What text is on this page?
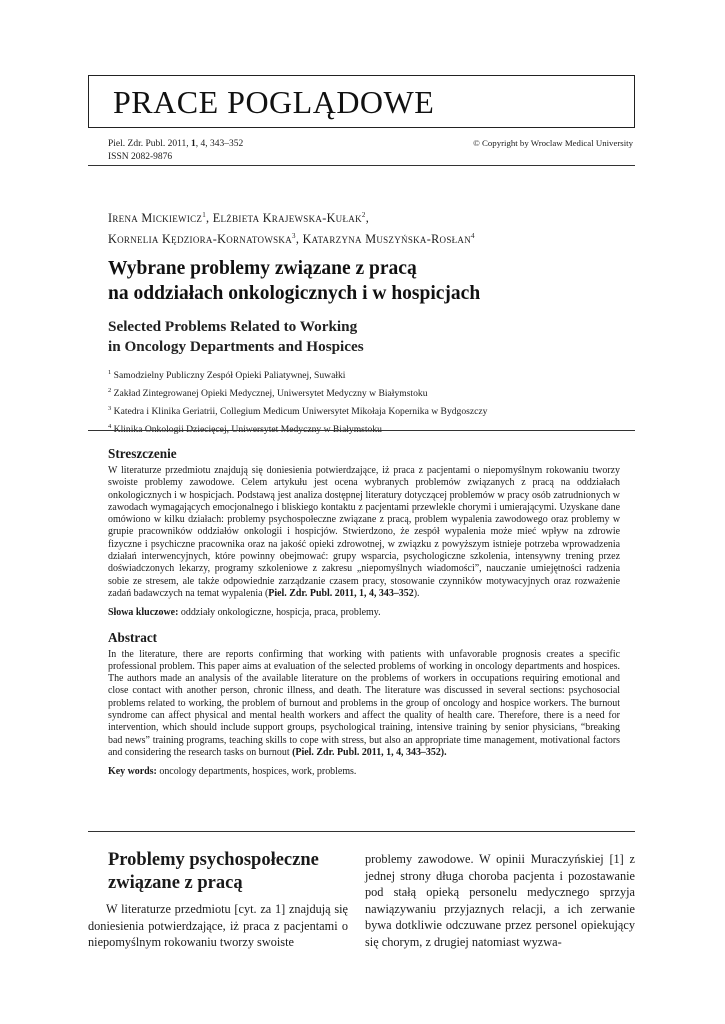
PRACE POGLĄDOWE
Piel. Zdr. Publ. 2011, 1, 4, 343–352
ISSN 2082-9876
© Copyright by Wroclaw Medical University
Irena Mickiewicz$^1$, Elżbieta Krajewska-Kułak$^2$,
Kornelia Kędziora-Kornatowska$^3$, Katarzyna Muszyńska-Rosłan$^4$
Wybrane problemy związane z pracą
na oddziałach onkologicznych i w hospicjach
Selected Problems Related to Working
in Oncology Departments and Hospices
$^1$ Samodzielny Publiczny Zespół Opieki Paliatywnej, Suwałki
$^2$ Zakład Zintegrowanej Opieki Medycznej, Uniwersytet Medyczny w Białymstoku
$^3$ Katedra i Klinika Geriatrii, Collegium Medicum Uniwersytet Mikołaja Kopernika w Bydgoszczy
$^4$ Klinika Onkologii Dziecięcej, Uniwersytet Medyczny w Białymstoku
Streszczenie

W literaturze przedmiotu znajdują się doniesienia potwierdzające, iż praca z pacjentami o niepomyślnym rokowaniu tworzy swoiste problemy zawodowe. Celem artykułu jest ocena wybranych problemów związanych z pracą na oddziałach onkologicznych i w hospicjach. Podstawą jest analiza dostępnej literatury dotyczącej problemów w pracy osób zatrudnionych w zawodach wymagających emocjonalnego i bliskiego kontaktu z pacjentami przewlekle chorymi i umierającymi. Uzyskane dane omówiono w kilku działach: problemy psychospołeczne związane z pracą, problem wypalenia zawodowego oraz problemy w grupie pracowników oddziałów onkologii i hospicjów. Stwierdzono, że zespół wypalenia może mieć wpływ na zdrowie fizyczne i psychiczne pracownika oraz na jakość opieki zdrowotnej, w związku z powyższym istnieje potrzeba wprowadzenia działań interwencyjnych, które powinny obejmować: grupy wsparcia, psychologiczne szkolenia, intensywny trening przez doświadczonych lekarzy, programy szkoleniowe z zakresu „niepomyślnych wiadomości”, nauczanie umiejętności radzenia sobie ze stresem, ale także odpowiednie zarządzanie czasem pracy, stosowanie czynników motywacyjnych oraz rozważenie zadań badawczych na temat wypalenia (Piel. Zdr. Publ. 2011, 1, 4, 343–352).

Słowa kluczowe: oddziały onkologiczne, hospicja, praca, problemy.
Abstract

In the literature, there are reports confirming that working with patients with unfavorable prognosis creates a specific professional problem. This paper aims at evaluation of the selected problems of working in oncology departments and hospices. The authors made an analysis of the available literature on the problems of workers in occupations requiring emotional and close contact with another person, chronic illness, and death. The literature was discussed in several sections: psychosocial problems related to working, the problem of burnout and problems in the group of oncology and hospice workers. The burnout syndrome can affect physical and mental health workers and affect the quality of health care. Therefore, there is a need for intervention, which should include support groups, psychological training, intensive training by senior physicians, “breaking bad news” training programs, teaching skills to cope with stress, but also an appropriate time management, motivational factors and considering the research tasks on burnout (Piel. Zdr. Publ. 2011, 1, 4, 343–352).

Key words: oncology departments, hospices, work, problems.
Problemy psychospołeczne
związane z pracą

W literaturze przedmiotu [cyt. za 1] znajdują się doniesienia potwierdzające, iż praca z pacjentami o niepomyślnym rokowaniu tworzy swoiste

problemy zawodowe. W opinii Muraczyńskiej [1] z jednej strony długa choroba pacjenta i pozostawanie pod stałą opieką personelu medycznego sprzyja nawiązywaniu przyjaznych relacji, a ich zerwanie bywa dotkliwie odczuwane przez personel opiekujący się chorym, z drugiej natomiast wyzwa-
